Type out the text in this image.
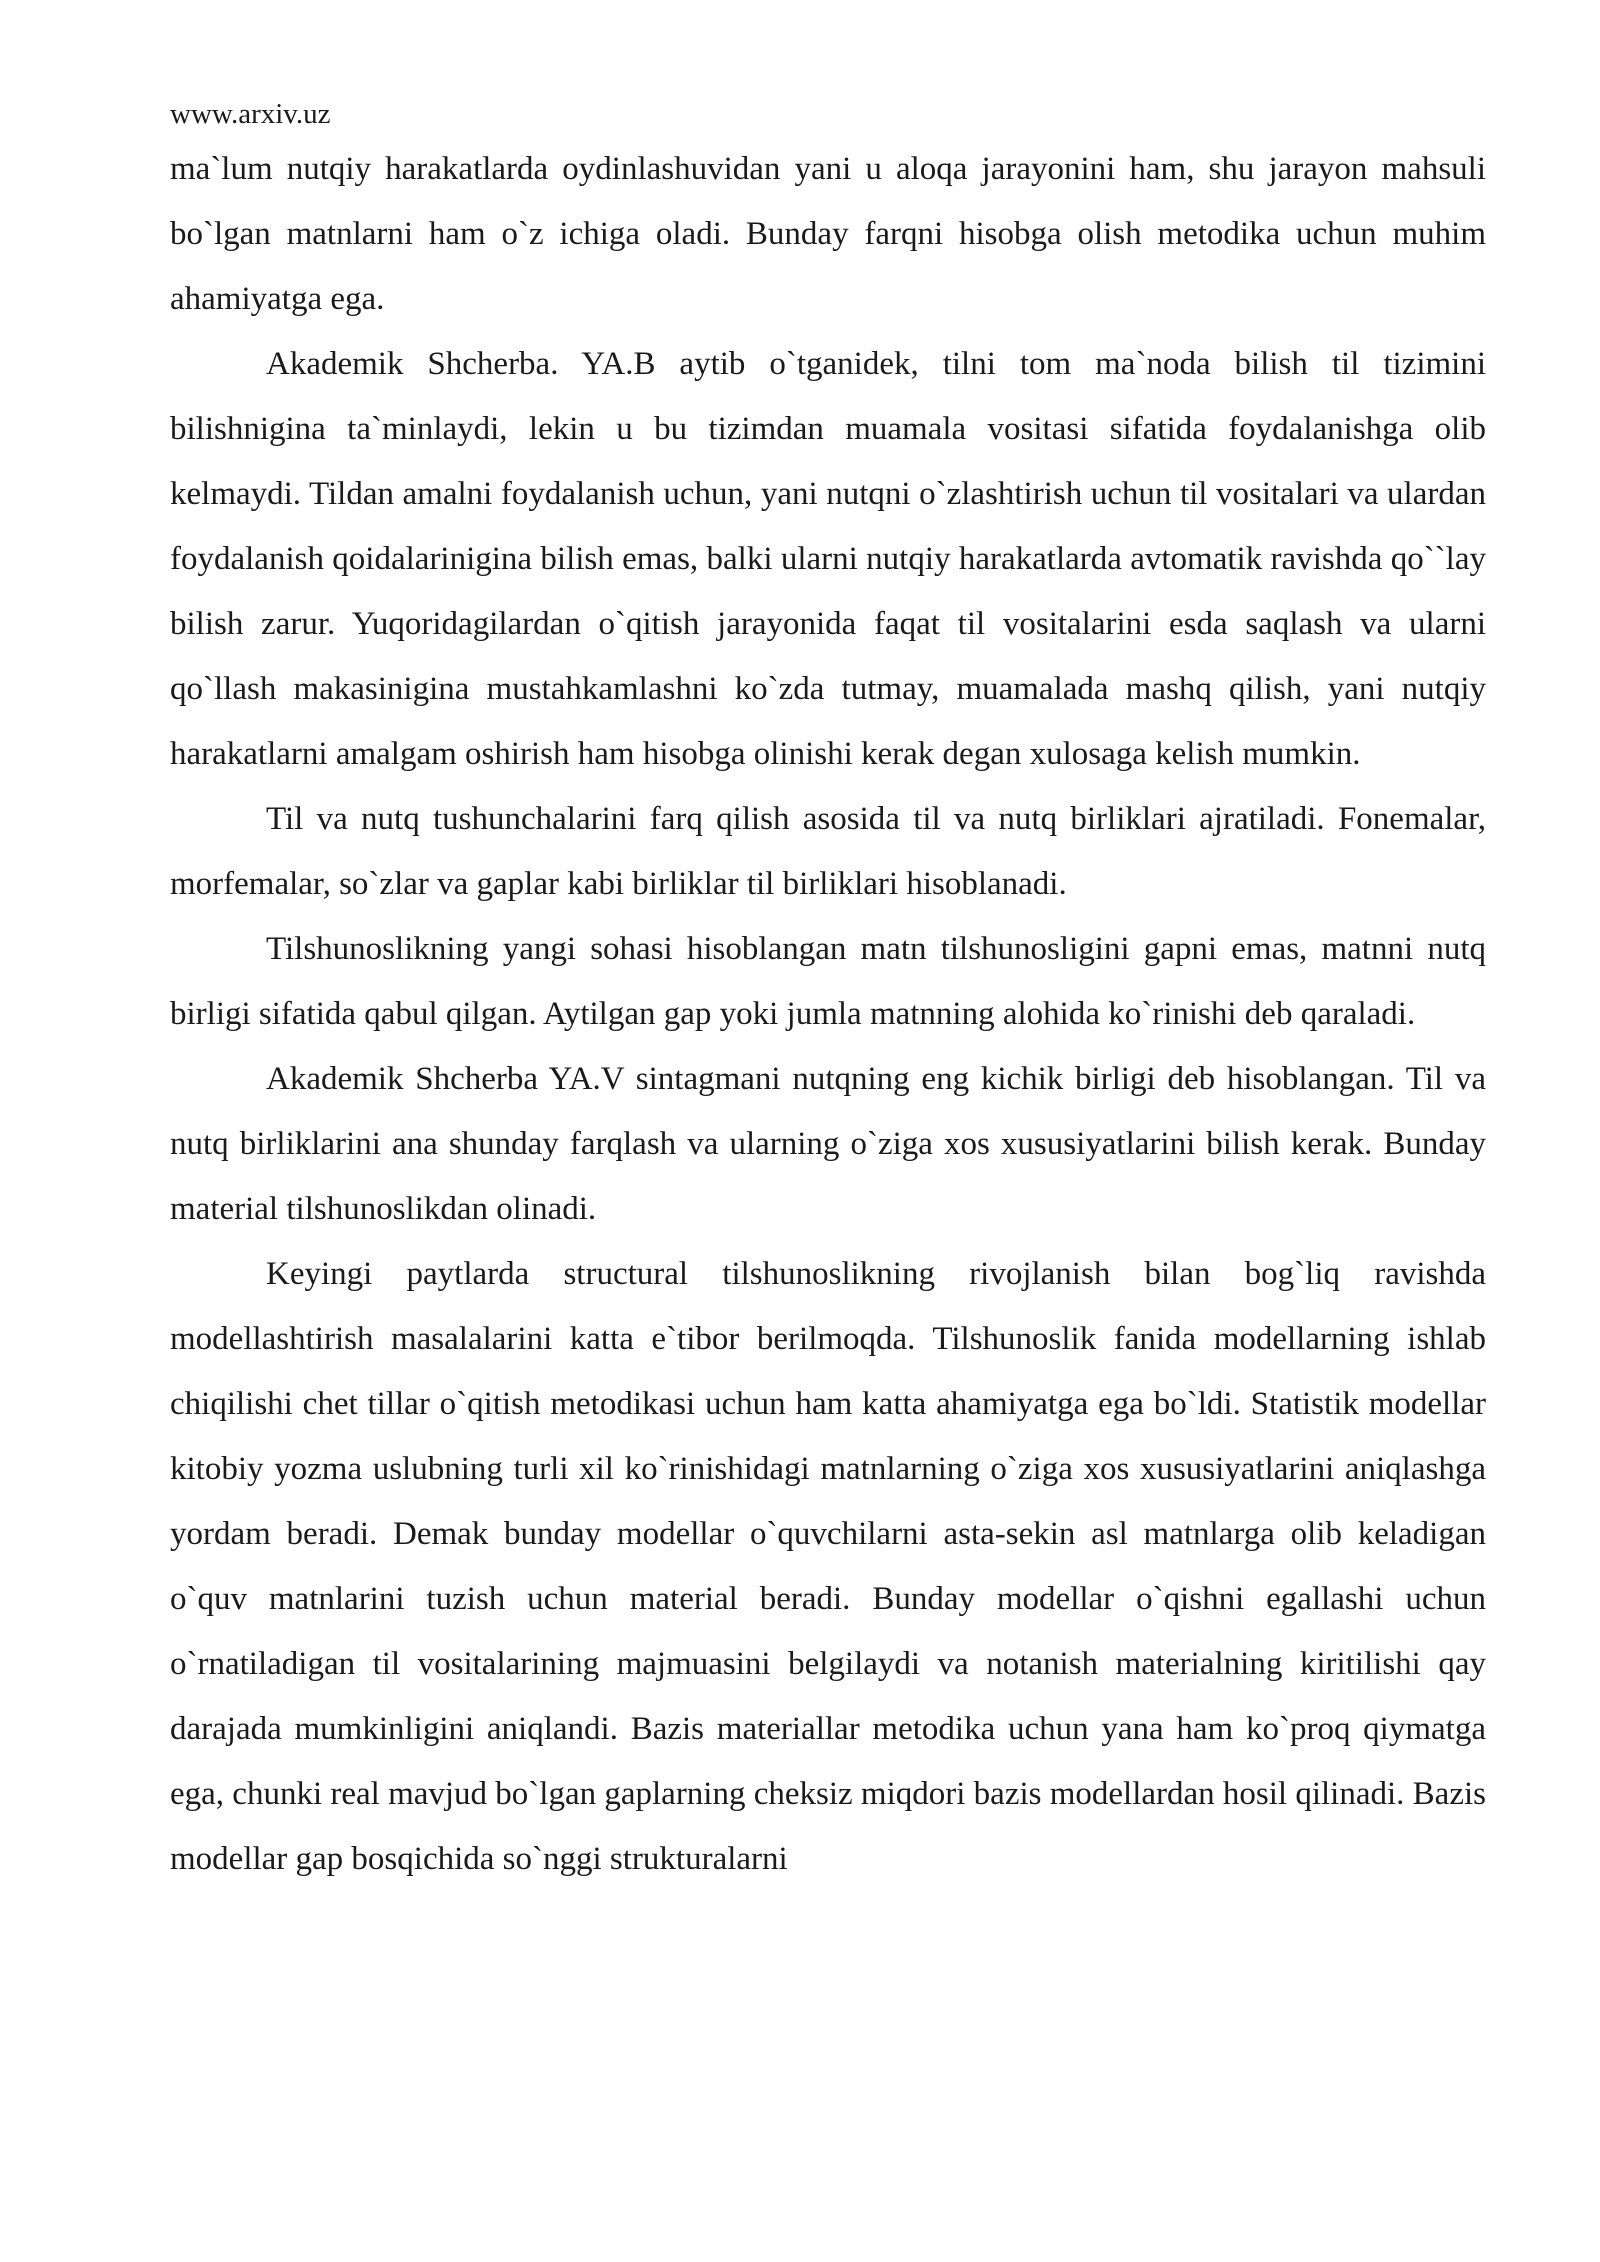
www.arxiv.uz

ma`lum nutqiy harakatlarda oydinlashuvidan yani u aloqa jarayonini ham, shu jarayon mahsuli bo`lgan matnlarni ham o`z ichiga oladi. Bunday farqni hisobga olish metodika uchun muhim ahamiyatga ega.

Akademik Shcherba. YA.B aytib o`tganidek, tilni tom ma`noda bilish til tizimini bilishnigina ta`minlaydi, lekin u bu tizimdan muamala vositasi sifatida foydalanishga olib kelmaydi. Tildan amalni foydalanish uchun, yani nutqni o`zlashtirish uchun til vositalari va ulardan foydalanish qoidalarinigina bilish emas, balki ularni nutqiy harakatlarda avtomatik ravishda qo``lay bilish zarur. Yuqoridagilardan o`qitish jarayonida faqat til vositalarini esda saqlash va ularni qo`llash makasinigina mustahkamlashni ko`zda tutmay, muamalada mashq qilish, yani nutqiy harakatlarni amalgam oshirish ham hisobga olinishi kerak degan xulosaga kelish mumkin.

Til va nutq tushunchalarini farq qilish asosida til va nutq birliklari ajratiladi. Fonemalar, morfemalar, so`zlar va gaplar kabi birliklar til birliklari hisoblanadi.

Tilshunoslikning yangi sohasi hisoblangan matn tilshunosligini gapni emas, matnni nutq birligi sifatida qabul qilgan. Aytilgan gap yoki jumla matnning alohida ko`rinishi deb qaraladi.

Akademik Shcherba YA.V sintagmani nutqning eng kichik birligi deb hisoblangan. Til va nutq birliklarini ana shunday farqlash va ularning o`ziga xos xususiyatlarini bilish kerak. Bunday material tilshunoslikdan olinadi.

Keyingi paytlarda structural tilshunoslikning rivojlanish bilan bog`liq ravishda modellashtirish masalalarini katta e`tibor berilmoqda. Tilshunoslik fanida modellarning ishlab chiqilishi chet tillar o`qitish metodikasi uchun ham katta ahamiyatga ega bo`ldi. Statistik modellar kitobiy yozma uslubning turli xil ko`rinishidagi matnlarning o`ziga xos xususiyatlarini aniqlashga yordam beradi. Demak bunday modellar o`quvchilarni asta-sekin asl matnlarga olib keladigan o`quv matnlarini tuzish uchun material beradi. Bunday modellar o`qishni egallashi uchun o`rnatiladigan til vositalarining majmuasini belgilaydi va notanish materialning kiritilishi qay darajada mumkinligini aniqlandi. Bazis materiallar metodika uchun yana ham ko`proq qiymatga ega, chunki real mavjud bo`lgan gaplarning cheksiz miqdori bazis modellardan hosil qilinadi. Bazis modellar gap bosqichida so`nggi strukturalarni
